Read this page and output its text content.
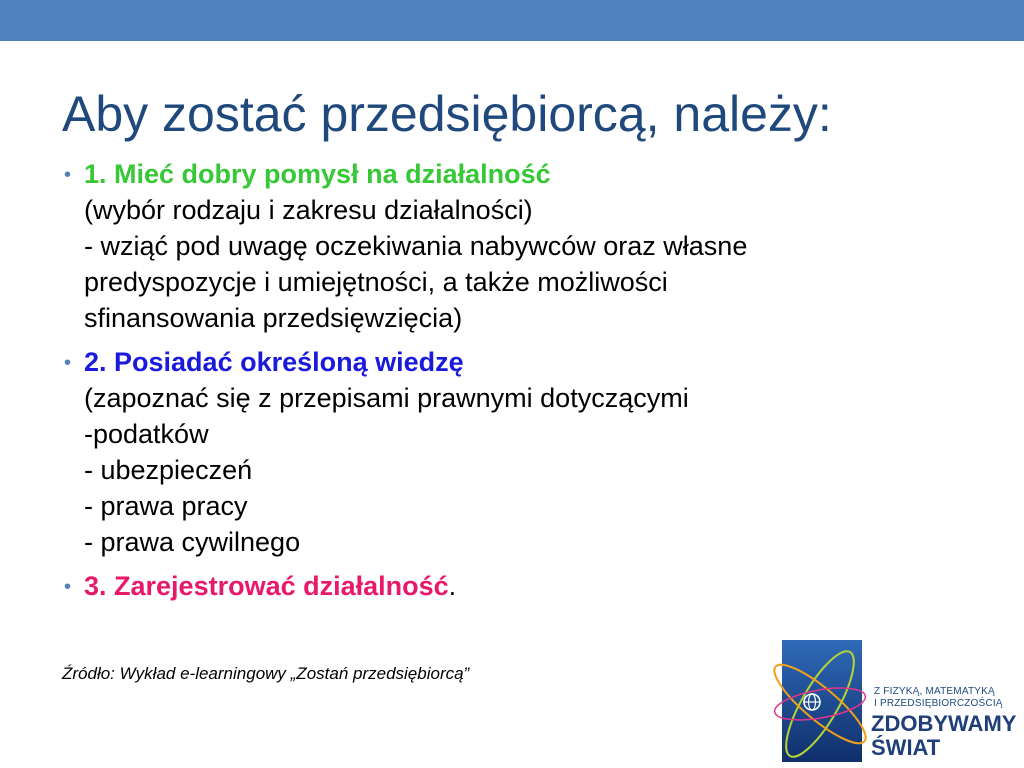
Aby zostać przedsiębiorcą, należy:
• 1. Mieć dobry pomysł na działalność
(wybór rodzaju i zakresu działalności)
- wziąć pod uwagę oczekiwania nabywców oraz własne
predyspozycje i umiejętności, a także możliwości
sfinansowania przedsięwzięcia)
• 2. Posiadać określoną wiedzę
(zapoznać się z przepisami prawnymi dotyczącymi
-podatków
- ubezpieczeń
- prawa pracy
- prawa cywilnego
• 3. Zarejestrować działalność.
Źródło: Wykład e-learningowy „Zostań przedsiębiorcą”
Z FIZYKĄ, MATEMATYKĄ
I PRZEDSIĘBIORCZOŚCIĄ
ZDOBYWAMY
ŚWIAT
